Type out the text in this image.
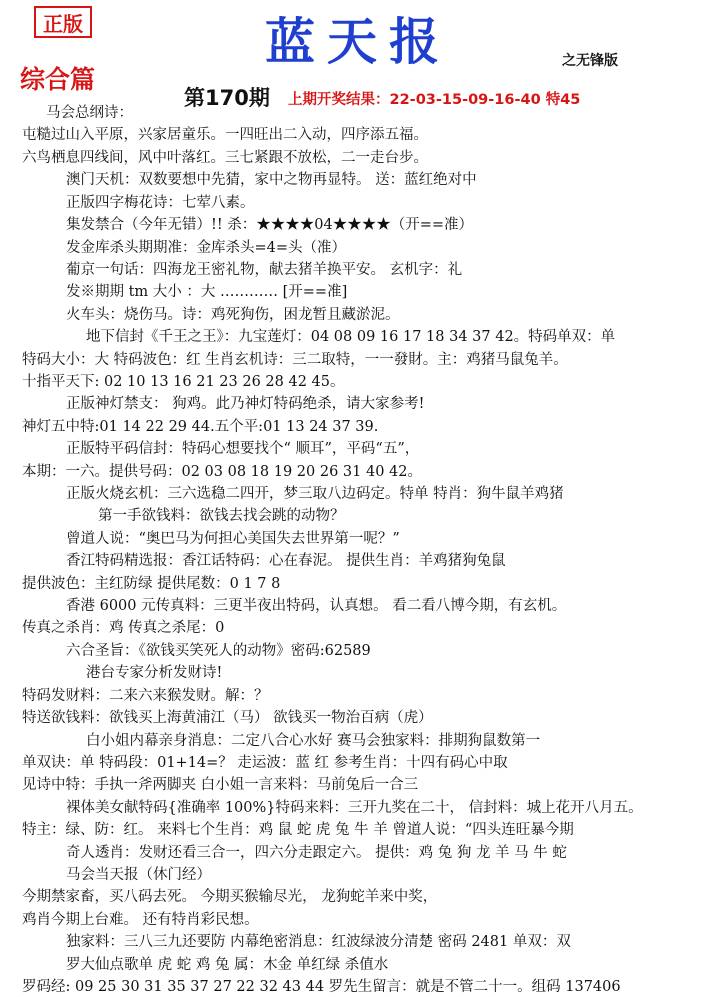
正版	蓝天报	之无锋版
综合篇
第170期 上期开奖结果：22-03-15-09-16-40 特45
马会总纲诗：
屯糙过山入平原，兴家居童乐。一四旺出二入动，四序添五福。
六鸟栖息四线间，风中叶落红。三七紧跟不放松，二一走台步。
澳门天机：双数要想中先猜，家中之物再显特。 送：蓝红绝对中
正版四字梅花诗：七荤八素。
集发禁合（今年无错）!! 杀：★★★★04★★★★（开==准）
发金库杀头期期准：金库杀头=4=头（准）
葡京一句话：四海龙王密礼物，献去猪羊换平安。 玄机字：礼
发※期期 tm 大小 ：大 ………… [开==准]
火车头：烧伤马。诗：鸡死狗伤，困龙暂且藏淤泥。
地下信封《千王之王》：九宝莲灯：04 08 09 16 17 18 34 37 42。特码单双：单
特码大小：大 特码波色：红 生肖玄机诗：三二取特，一一發財。主：鸡猪马鼠兔羊。
十指平天下: 02 10 13 16 21 23 26 28 42 45。
正版神灯禁支： 狗鸡。此乃神灯特码绝杀，请大家参考!
神灯五中特:01 14 22 29 44.五个平:01 13 24 37 39.
正版特平码信封：特码心想要找个“ 顺耳”，平码“五”，
本期：一六。提供号码：02 03 08 18 19 20 26 31 40 42。
正版火烧玄机：三六选稳二四开，梦三取八边码定。特单 特肖：狗牛鼠羊鸡猪
第一手欲钱料：欲钱去找会跳的动物？
曾道人说：“奥巴马为何担心美国失去世界第一呢？”
香江特码精选报：香江话特码：心在春泥。 提供生肖：羊鸡猪狗兔鼠
提供波色：主红防绿 提供尾数：0 1 7 8
香港 6000 元传真料：三更半夜出特码，认真想。 看二看八博今期，有玄机。
传真之杀肖：鸡 传真之杀尾：0
六合圣旨：《欲钱买笑死人的动物》密码:62589
港台专家分析发财诗!
特码发财料：二来六来猴发财。解：？
特送欲钱料：欲钱买上海黄浦江（马） 欲钱买一物治百病（虎）
白小姐内幕亲身消息：二定八合心水好 赛马会独家料：排期狗鼠数第一
单双诀：单 特码段：01+14=？ 走运波：蓝 红 参考生肖：十四有码心中取
见诗中特：手执一斧两脚夹 白小姐一言来料：马前兔后一合三
裸体美女献特码{准确率 100%}特码来料：三开九奖在二十， 信封料：城上花开八月五。
特主：绿、防：红。 来料七个生肖：鸡 鼠 蛇 虎 兔 牛 羊 曾道人说：“四头连旺暴今期
奇人透肖：发财还看三合一，四六分走跟定六。 提供：鸡 兔 狗 龙 羊 马 牛 蛇
马会当天报（休门经）
今期禁家畜，买八码去死。 今期买猴输尽光， 龙狗蛇羊来中奖，
鸡肖今期上台难。 还有特肖彩民想。
独家料：三八三九还要防 内幕绝密消息：红波绿波分清楚 密码 2481 单双：双
罗大仙点歌单 虎 蛇 鸡 兔 属：木金 单红绿 杀值水
罗码经: 09 25 30 31 35 37 27 22 32 43 44 罗先生留言：就是不管二十一。组码 137406
